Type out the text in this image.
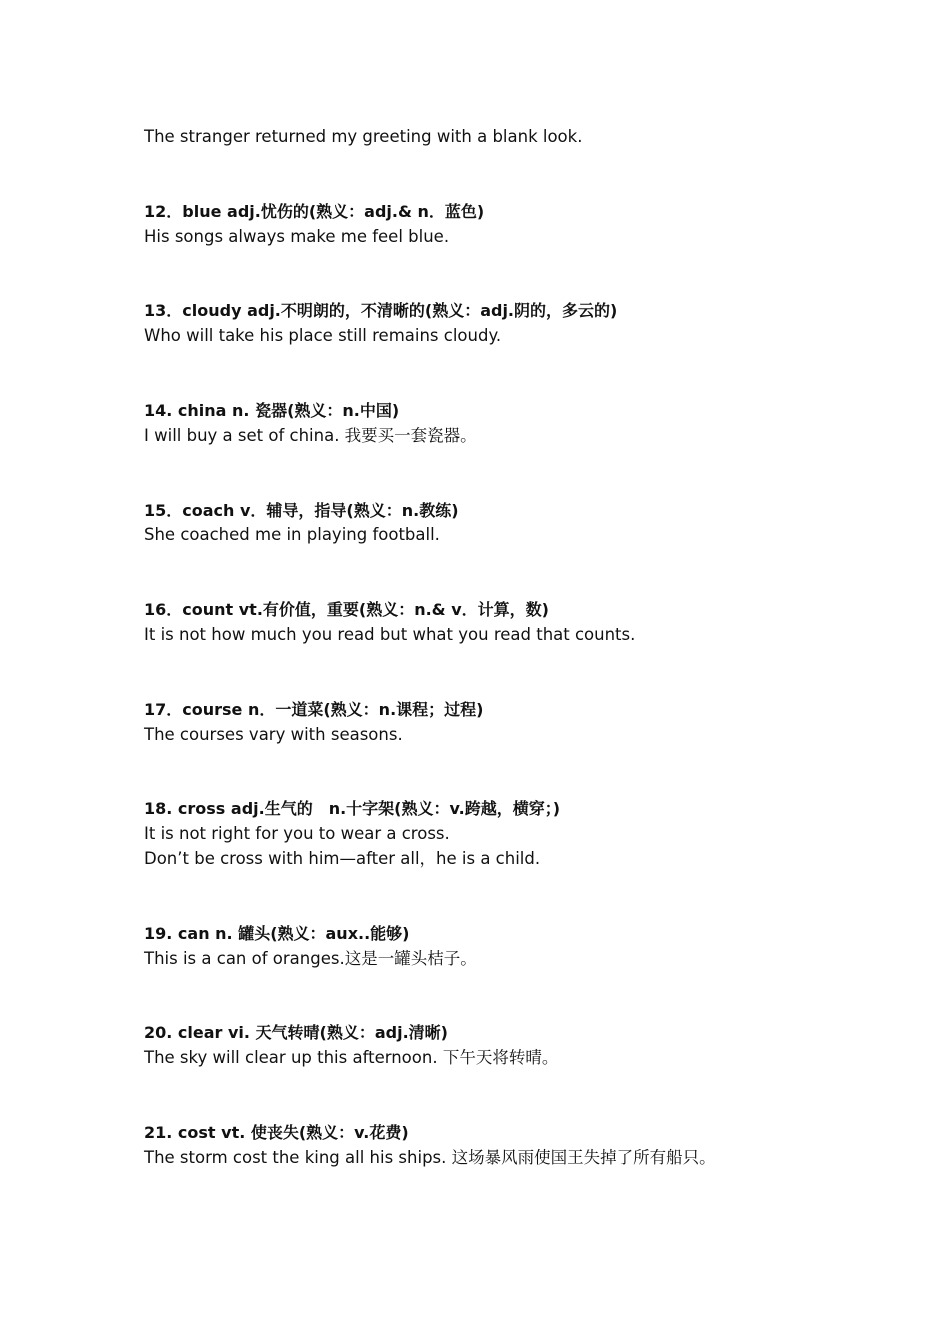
The stranger returned my greeting with a blank look.
12．blue adj.忧伤的(熟义：adj.& n．蓝色)
His songs always make me feel blue.
13．cloudy adj.不明朗的，不清晰的(熟义：adj.阴的，多云的)
Who will take his place still remains cloudy.
14. china n. 瓷器(熟义：n.中国)
I will buy a set of china. 我要买一套瓷器。
15．coach v．辅导，指导(熟义：n.教练)
She coached me in playing football.
16．count vt.有价值，重要(熟义：n.& v．计算，数)
It is not how much you read but what you read that counts.
17．course n．一道菜(熟义：n.课程；过程)
The courses vary with seasons.
18. cross adj.生气的　n.十字架(熟义：v.跨越，横穿；)
It is not right for you to wear a cross.
Don’t be cross with him—after all，he is a child.
19. can n. 罐头(熟义：aux..能够)
This is a can of oranges.这是一罐头桔子。
20. clear vi. 天气转晴(熟义：adj.清晰)
The sky will clear up this afternoon. 下午天将转晴。
21. cost vt. 使丧失(熟义：v.花费)
The storm cost the king all his ships. 这场暴风雨使国王失掉了所有船只。
